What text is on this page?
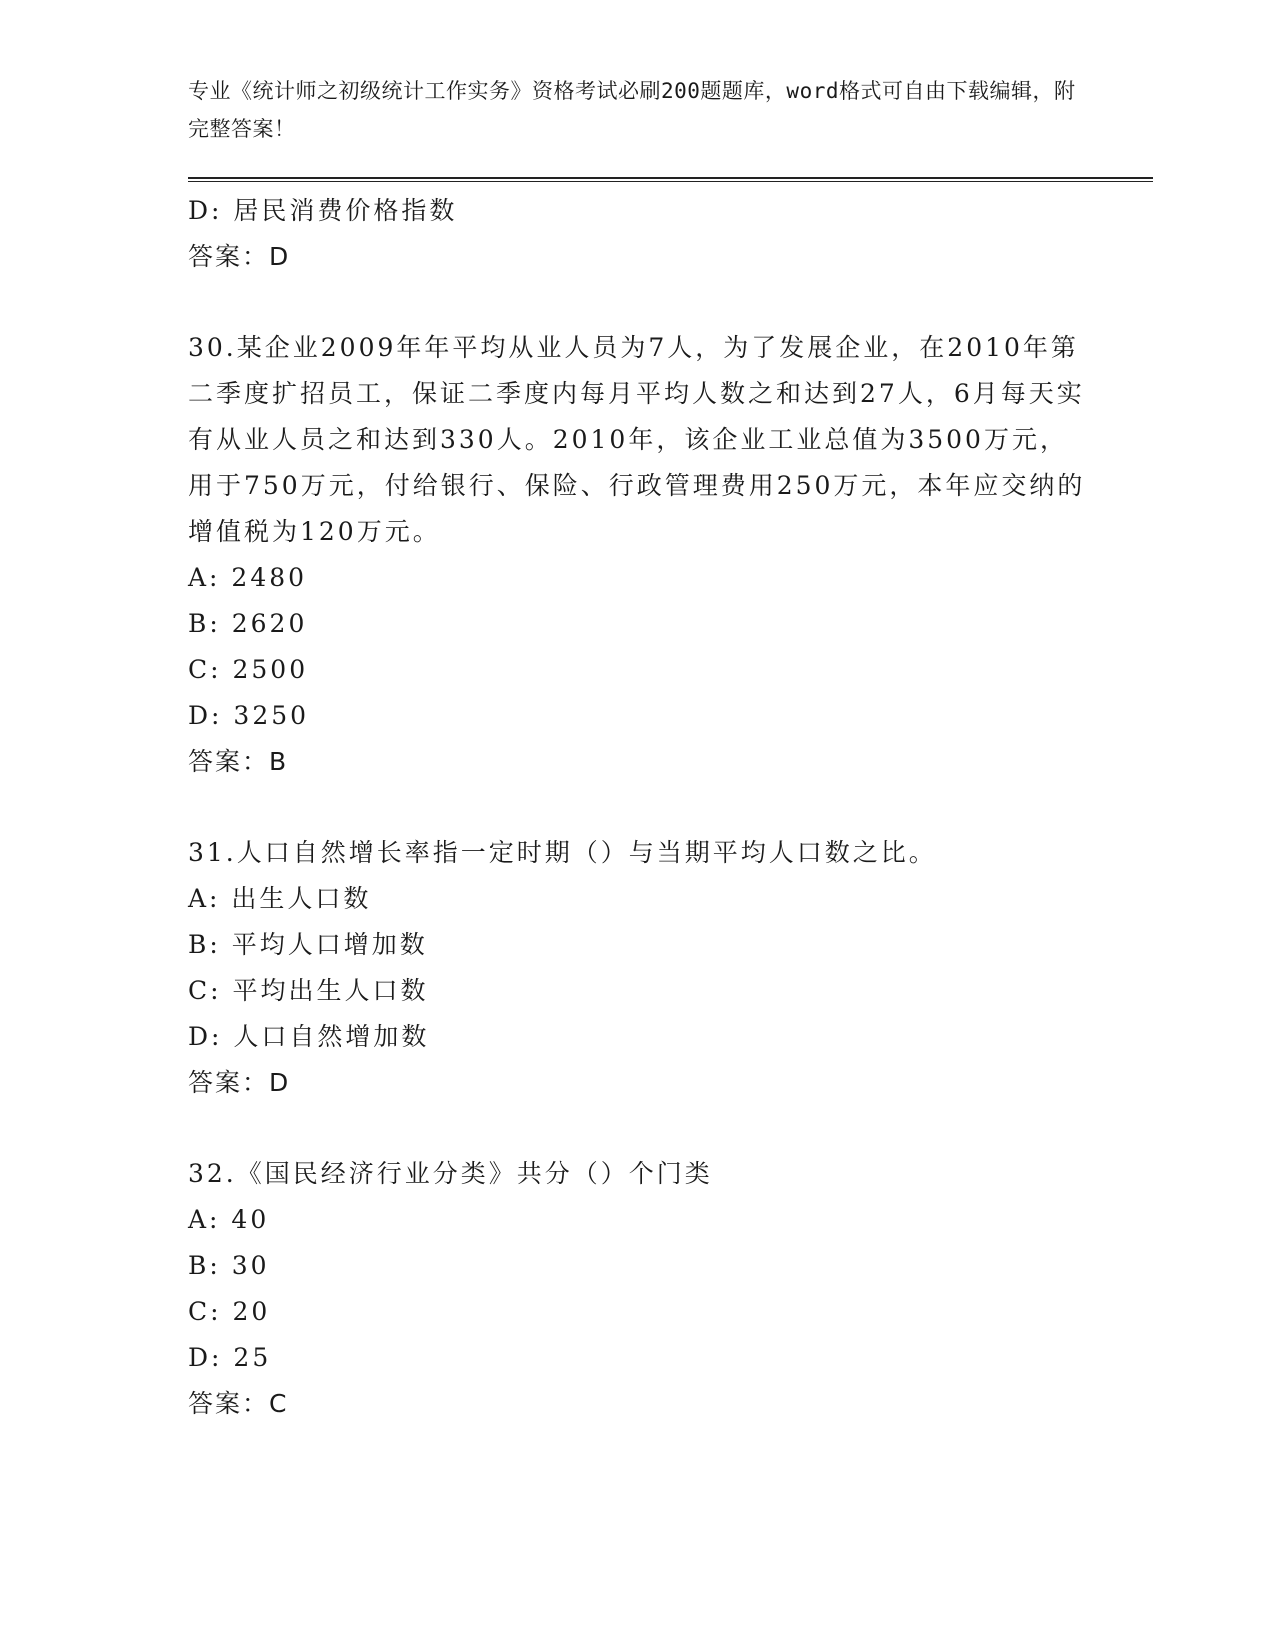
专业《统计师之初级统计工作实务》资格考试必刷200题题库，word格式可自由下载编辑，附完整答案！
D: 居民消费价格指数
答案：D
30.某企业2009年年平均从业人员为7人，为了发展企业，在2010年第二季度扩招员工，保证二季度内每月平均人数之和达到27人，6月每天实有从业人员之和达到330人。2010年，该企业工业总值为3500万元，用于750万元，付给银行、保险、行政管理费用250万元，本年应交纳的增值税为120万元。
A: 2480
B: 2620
C: 2500
D: 3250
答案：B
31.人口自然增长率指一定时期（）与当期平均人口数之比。
A: 出生人口数
B: 平均人口增加数
C: 平均出生人口数
D: 人口自然增加数
答案：D
32.《国民经济行业分类》共分（）个门类
A: 40
B: 30
C: 20
D: 25
答案：C
